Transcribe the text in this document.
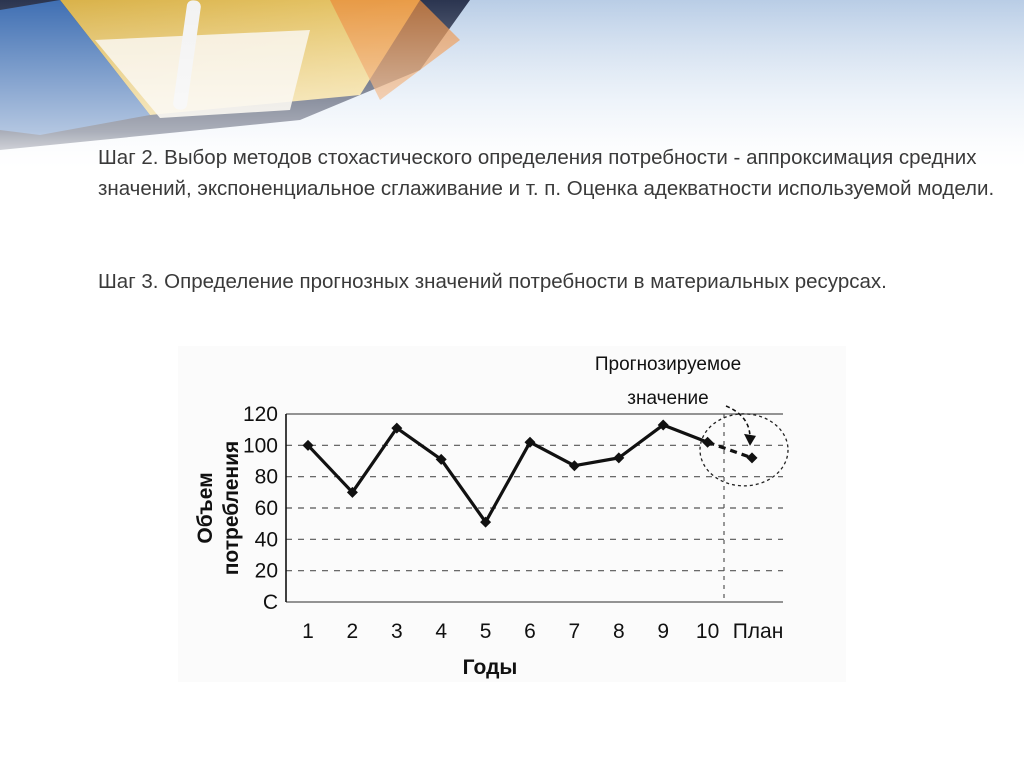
Шаг 2. Выбор методов стохастического определения потребности - аппроксимация средних значений, экспоненциальное сглаживание и т. п. Оценка адекватности используемой модели.

Шаг 3. Определение прогнозных значений потребности в материальных ресурсах.

120
100
80
60
40
20
С
1 2 3 4 5 6 7 8 9 10 План
Годы
Объем потребления
Прогнозируемое
значение
